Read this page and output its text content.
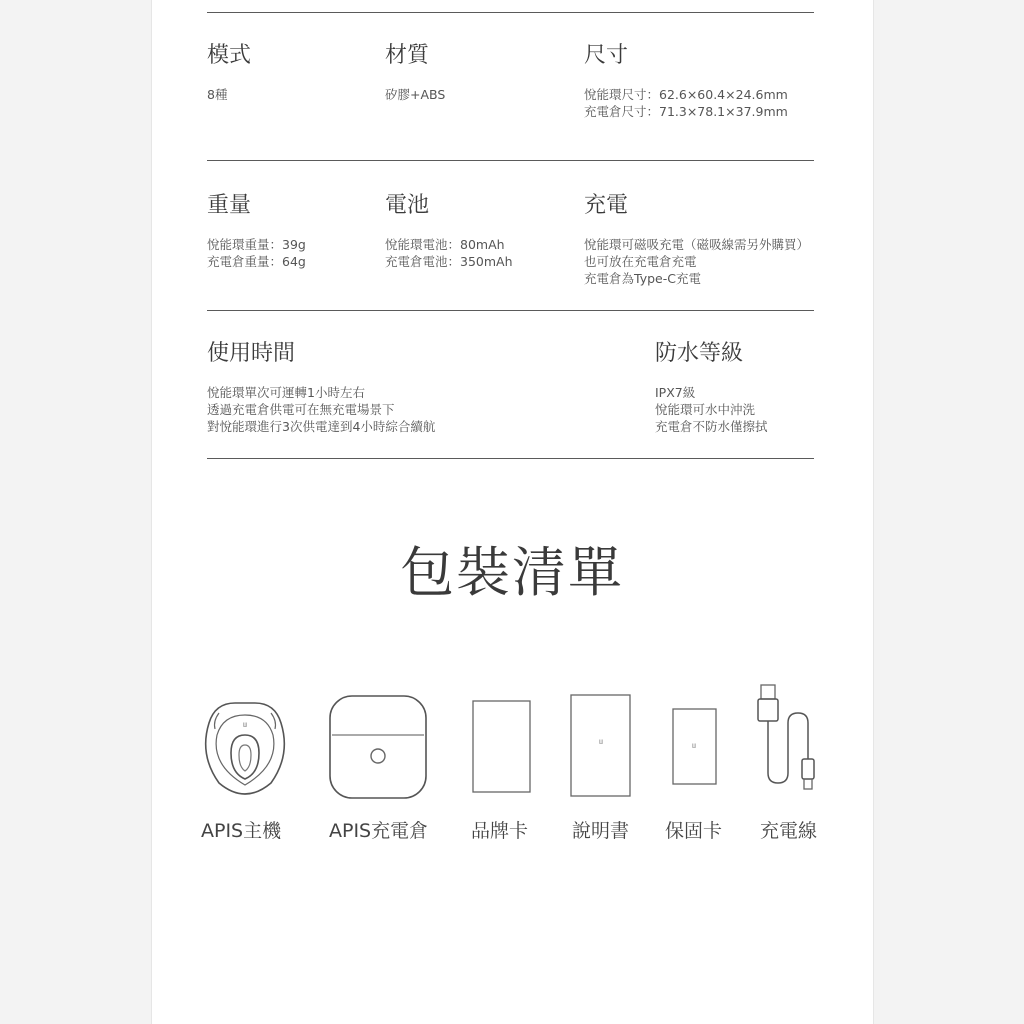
模式
8種
材質
矽膠+ABS
尺寸
悅能環尺寸：62.6×60.4×24.6mm
充電倉尺寸：71.3×78.1×37.9mm
重量
悅能環重量：39g
充電倉重量：64g
電池
悅能環電池：80mAh
充電倉電池：350mAh
充電
悅能環可磁吸充電（磁吸線需另外購買）
也可放在充電倉充電
充電倉為Type-C充電
使用時間
悅能環單次可運轉1小時左右
透過充電倉供電可在無充電場景下
對悅能環進行3次供電達到4小時綜合續航
防水等級
IPX7級
悅能環可水中沖洗
充電倉不防水僅擦拭
包裝清單
ᗯ
ᗯ
ᗯ
APIS主機	APIS充電倉 品牌卡 說明書 保固卡 充電線
